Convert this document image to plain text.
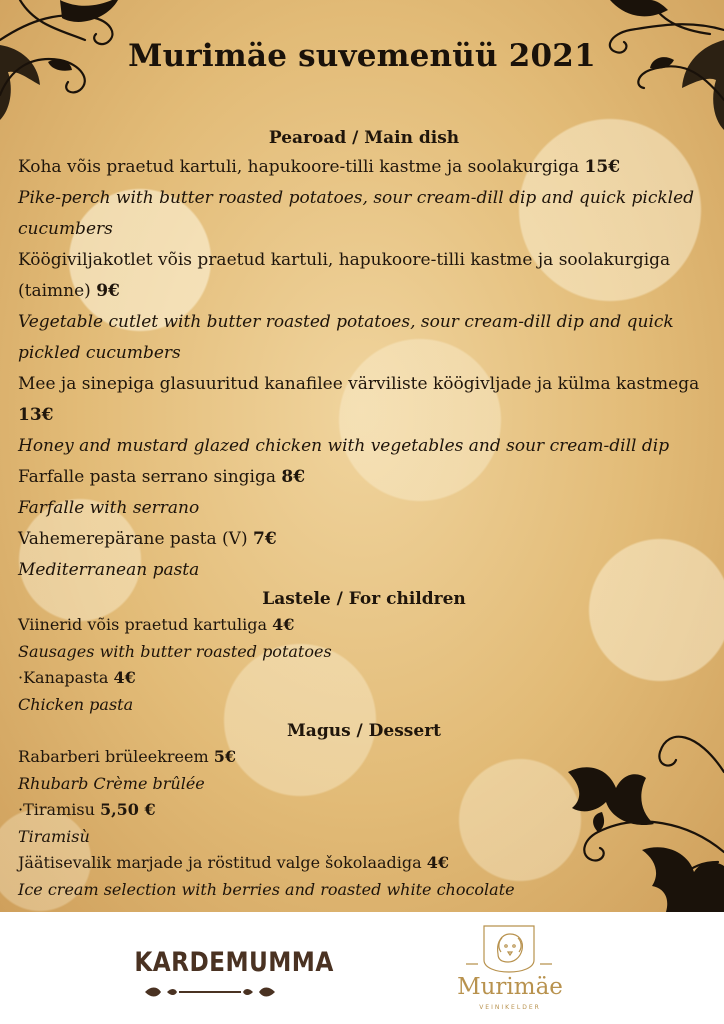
Murimäe suvemenüü 2021
Pearoad / Main dish
Koha võis praetud kartuli, hapukoore-tilli kastme ja soolakurgiga 15€
Pike-perch with butter roasted potatoes, sour cream-dill dip and quick pickled cucumbers
Köögiviljakotlet võis praetud kartuli, hapukoore-tilli kastme ja soolakurgiga (taimne) 9€
Vegetable cutlet with butter roasted potatoes, sour cream-dill dip and quick pickled cucumbers
Mee ja sinepiga glasuuritud kanafilee värviliste köögivljade ja külma kastmega 13€
Honey and mustard glazed chicken with vegetables and sour cream-dill dip
Farfalle pasta serrano singiga 8€
Farfalle with serrano
Vahemerepärane pasta (V) 7€
Mediterranean pasta
Lastele / For children
Viinerid võis praetud kartuliga 4€
Sausages with butter roasted potatoes
·Kanapasta 4€
Chicken pasta
Magus / Dessert
Rabarberi brüleekreem 5€
Rhubarb Crème brûlée
·Tiramisu 5,50 €
Tiramisù
Jäätisevalik marjade ja röstitud valge šokolaadiga 4€
Ice cream selection with berries and roasted white chocolate
KARDEMUMMA
Murimäe
VEINIKELDER
